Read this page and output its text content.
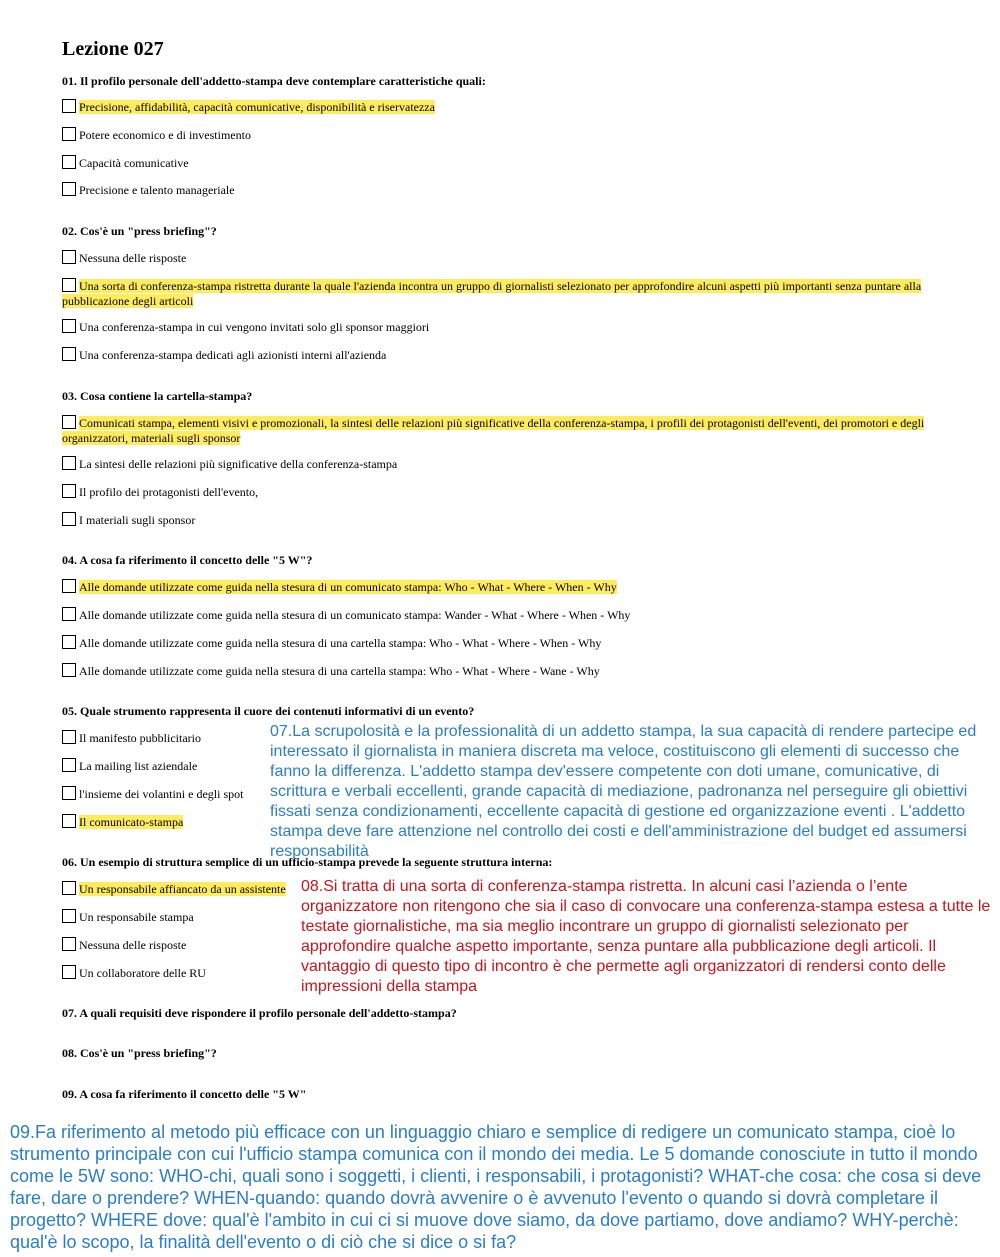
Lezione 027
01. Il profilo personale dell'addetto-stampa deve contemplare caratteristiche quali:
Precisione, affidabilità, capacità comunicative, disponibilità e riservatezza
Potere economico e di investimento
Capacità comunicative
Precisione e talento manageriale
02. Cos'è un "press briefing"?
Nessuna delle risposte
Una sorta di conferenza-stampa ristretta durante la quale l'azienda incontra un gruppo di giornalisti selezionato per approfondire alcuni aspetti più importanti senza puntare alla pubblicazione degli articoli
Una conferenza-stampa in cui vengono invitati solo gli sponsor maggiori
Una conferenza-stampa dedicati agli azionisti interni all'azienda
03. Cosa contiene la cartella-stampa?
Comunicati stampa, elementi visivi e promozionali, la sintesi delle relazioni più significative della conferenza-stampa, i profili dei protagonisti dell'eventi, dei promotori e degli organizzatori, materiali sugli sponsor
La sintesi delle relazioni più significative della conferenza-stampa
Il profilo dei protagonisti dell'evento,
I materiali sugli sponsor
04. A cosa fa riferimento il concetto delle "5 W"?
Alle domande utilizzate come guida nella stesura di un comunicato stampa: Who - What - Where - When - Why
Alle domande utilizzate come guida nella stesura di un comunicato stampa: Wander - What - Where - When - Why
Alle domande utilizzate come guida nella stesura di una cartella stampa: Who - What - Where - When - Why
Alle domande utilizzate come guida nella stesura di una cartella stampa: Who - What - Where - Wane - Why
05. Quale strumento rappresenta il cuore dei contenuti informativi di un evento?
Il manifesto pubblicitario
La mailing list aziendale
l'insieme dei volantini e degli spot
Il comunicato-stampa
06. Un esempio di struttura semplice di un ufficio-stampa prevede la seguente struttura interna:
Un responsabile affiancato da un assistente
Un responsabile stampa
Nessuna delle risposte
Un collaboratore delle RU
07. A quali requisiti deve rispondere il profilo personale dell'addetto-stampa?
08. Cos'è un "press briefing"?
09. A cosa fa riferimento il concetto delle "5 W"
07.La scrupolosità e la professionalità di un addetto stampa, la sua capacità di rendere partecipe ed interessato il giornalista in maniera discreta ma veloce, costituiscono gli elementi di successo che fanno la differenza. L'addetto stampa dev'essere competente con doti umane, comunicative, di scrittura e verbali eccellenti, grande capacità di mediazione, padronanza nel perseguire gli obiettivi fissati senza condizionamenti, eccellente capacità di gestione ed organizzazione eventi . L'addetto stampa deve fare attenzione nel controllo dei costi e dell'amministrazione del budget ed assumersi responsabilità
08.Si tratta di una sorta di conferenza-stampa ristretta. In alcuni casi l’azienda o l’ente organizzatore non ritengono che sia il caso di convocare una conferenza-stampa estesa a tutte le testate giornalistiche, ma sia meglio incontrare un gruppo di giornalisti selezionato per approfondire qualche aspetto importante, senza puntare alla pubblicazione degli articoli. Il vantaggio di questo tipo di incontro è che permette agli organizzatori di rendersi conto delle impressioni della stampa
09.Fa riferimento al metodo più efficace con un linguaggio chiaro e semplice di redigere un comunicato stampa, cioè lo strumento principale con cui l'ufficio stampa comunica con il mondo dei media. Le 5 domande conosciute in tutto il mondo come le 5W sono: WHO-chi, quali sono i soggetti, i clienti, i responsabili, i protagonisti? WHAT-che cosa: che cosa si deve fare, dare o prendere? WHEN-quando: quando dovrà avvenire o è avvenuto l'evento o quando si dovrà completare il progetto? WHERE dove: qual'è l'ambito in cui ci si muove dove siamo, da dove partiamo, dove andiamo? WHY-perchè: qual'è lo scopo, la finalità dell'evento o di ciò che si dice o si fa?
